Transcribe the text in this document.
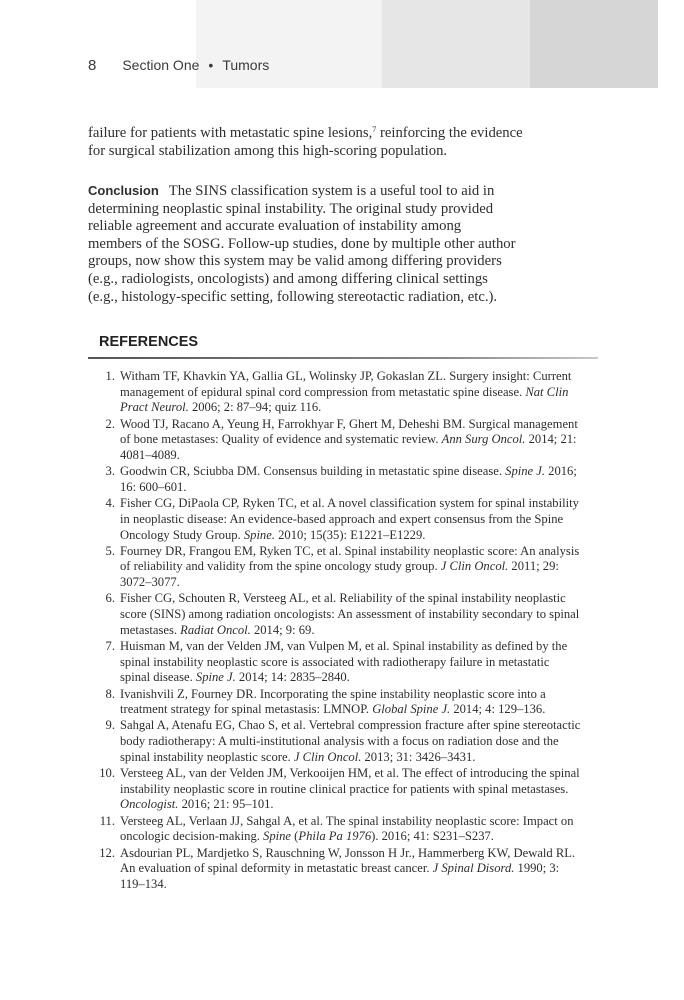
8 Section One • Tumors
failure for patients with metastatic spine lesions,$^7$ reinforcing the evidence
for surgical stabilization among this high-scoring population.
Conclusion The SINS classification system is a useful tool to aid in
determining neoplastic spinal instability. The original study provided
reliable agreement and accurate evaluation of instability among
members of the SOSG. Follow-up studies, done by multiple other author
groups, now show this system may be valid among differing providers
(e.g., radiologists, oncologists) and among differing clinical settings
(e.g., histology-specific setting, following stereotactic radiation, etc.).
REFERENCES
1. Witham TF, Khavkin YA, Gallia GL, Wolinsky JP, Gokaslan ZL. Surgery insight: Current
management of epidural spinal cord compression from metastatic spine disease. Nat Clin
Pract Neurol. 2006; 2: 87–94; quiz 116.
2. Wood TJ, Racano A, Yeung H, Farrokhyar F, Ghert M, Deheshi BM. Surgical management
of bone metastases: Quality of evidence and systematic review. Ann Surg Oncol. 2014; 21:
4081–4089.
3. Goodwin CR, Sciubba DM. Consensus building in metastatic spine disease. Spine J. 2016;
16: 600–601.
4. Fisher CG, DiPaola CP, Ryken TC, et al. A novel classification system for spinal instability
in neoplastic disease: An evidence-based approach and expert consensus from the Spine
Oncology Study Group. Spine. 2010; 15(35): E1221–E1229.
5. Fourney DR, Frangou EM, Ryken TC, et al. Spinal instability neoplastic score: An analysis
of reliability and validity from the spine oncology study group. J Clin Oncol. 2011; 29:
3072–3077.
6. Fisher CG, Schouten R, Versteeg AL, et al. Reliability of the spinal instability neoplastic
score (SINS) among radiation oncologists: An assessment of instability secondary to spinal
metastases. Radiat Oncol. 2014; 9: 69.
7. Huisman M, van der Velden JM, van Vulpen M, et al. Spinal instability as defined by the
spinal instability neoplastic score is associated with radiotherapy failure in metastatic
spinal disease. Spine J. 2014; 14: 2835–2840.
8. Ivanishvili Z, Fourney DR. Incorporating the spine instability neoplastic score into a
treatment strategy for spinal metastasis: LMNOP. Global Spine J. 2014; 4: 129–136.
9. Sahgal A, Atenafu EG, Chao S, et al. Vertebral compression fracture after spine stereotactic
body radiotherapy: A multi-institutional analysis with a focus on radiation dose and the
spinal instability neoplastic score. J Clin Oncol. 2013; 31: 3426–3431.
10. Versteeg AL, van der Velden JM, Verkooijen HM, et al. The effect of introducing the spinal
instability neoplastic score in routine clinical practice for patients with spinal metastases.
Oncologist. 2016; 21: 95–101.
11. Versteeg AL, Verlaan JJ, Sahgal A, et al. The spinal instability neoplastic score: Impact on
oncologic decision-making. Spine (Phila Pa 1976). 2016; 41: S231–S237.
12. Asdourian PL, Mardjetko S, Rauschning W, Jonsson H Jr., Hammerberg KW, Dewald RL.
An evaluation of spinal deformity in metastatic breast cancer. J Spinal Disord. 1990; 3:
119–134.
